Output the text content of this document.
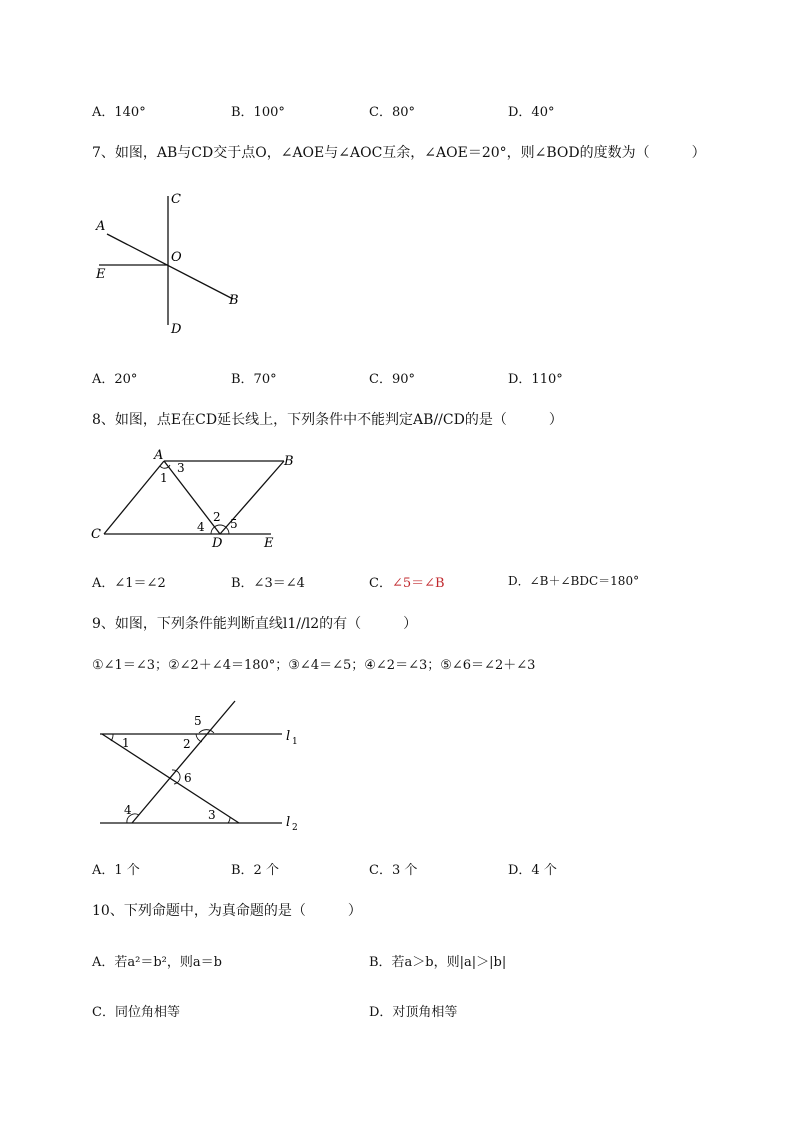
A．140°	B．100°	C．80°	D．40°
7、如图，AB与CD交于点O，∠AOE与∠AOC互余，∠AOE＝20°，则∠BOD的度数为（　　　）
C
A
O
E
B
D
A．20°	B．70°	C．90°	D．110°
8、如图，点E在CD延长线上，下列条件中不能判定AB//CD的是（　　　）
A	B
C
D	E
1
3
2
4 5
A．∠1＝∠2	B．∠3＝∠4	C．∠5＝∠B	D．∠B＋∠BDC＝180°
9、如图，下列条件能判断直线l1//l2的有（　　　）
①∠1＝∠3；②∠2＋∠4＝180°；③∠4＝∠5；④∠2＝∠3；⑤∠6＝∠2＋∠3
1	2
5
6
4	3
l 1
l 2
A．1 个	B．2 个	C．3 个	D．4 个
10、下列命题中，为真命题的是（　　　）
A．若a²＝b²，则a＝b	B．若a＞b，则|a|＞|b|
C．同位角相等	D．对顶角相等
